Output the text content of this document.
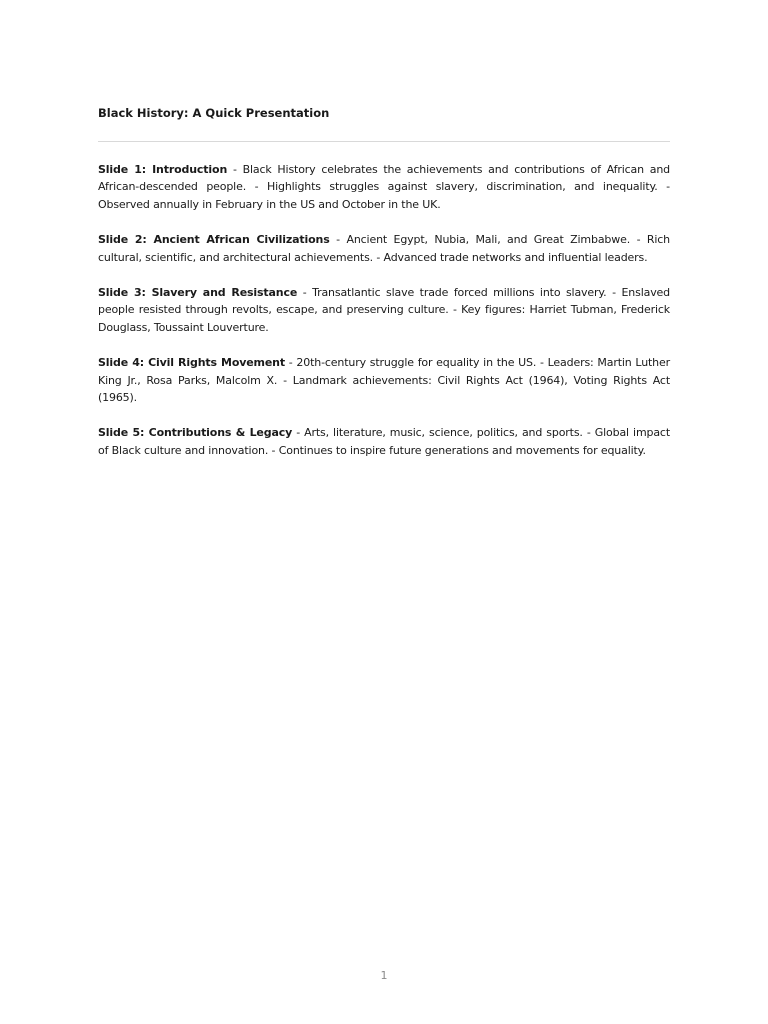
Black History: A Quick Presentation

Slide 1: Introduction - Black History celebrates the achievements and contributions of African and African-descended people. - Highlights struggles against slavery, discrimination, and inequality. - Observed annually in February in the US and October in the UK.

Slide 2: Ancient African Civilizations - Ancient Egypt, Nubia, Mali, and Great Zimbabwe. - Rich cultural, scientific, and architectural achievements. - Advanced trade networks and influential leaders.

Slide 3: Slavery and Resistance - Transatlantic slave trade forced millions into slavery. - Enslaved people resisted through revolts, escape, and preserving culture. - Key figures: Harriet Tubman, Frederick Douglass, Toussaint Louverture.

Slide 4: Civil Rights Movement - 20th-century struggle for equality in the US. - Leaders: Martin Luther King Jr., Rosa Parks, Malcolm X. - Landmark achievements: Civil Rights Act (1964), Voting Rights Act (1965).

Slide 5: Contributions & Legacy - Arts, literature, music, science, politics, and sports. - Global impact of Black culture and innovation. - Continues to inspire future generations and movements for equality.

1
